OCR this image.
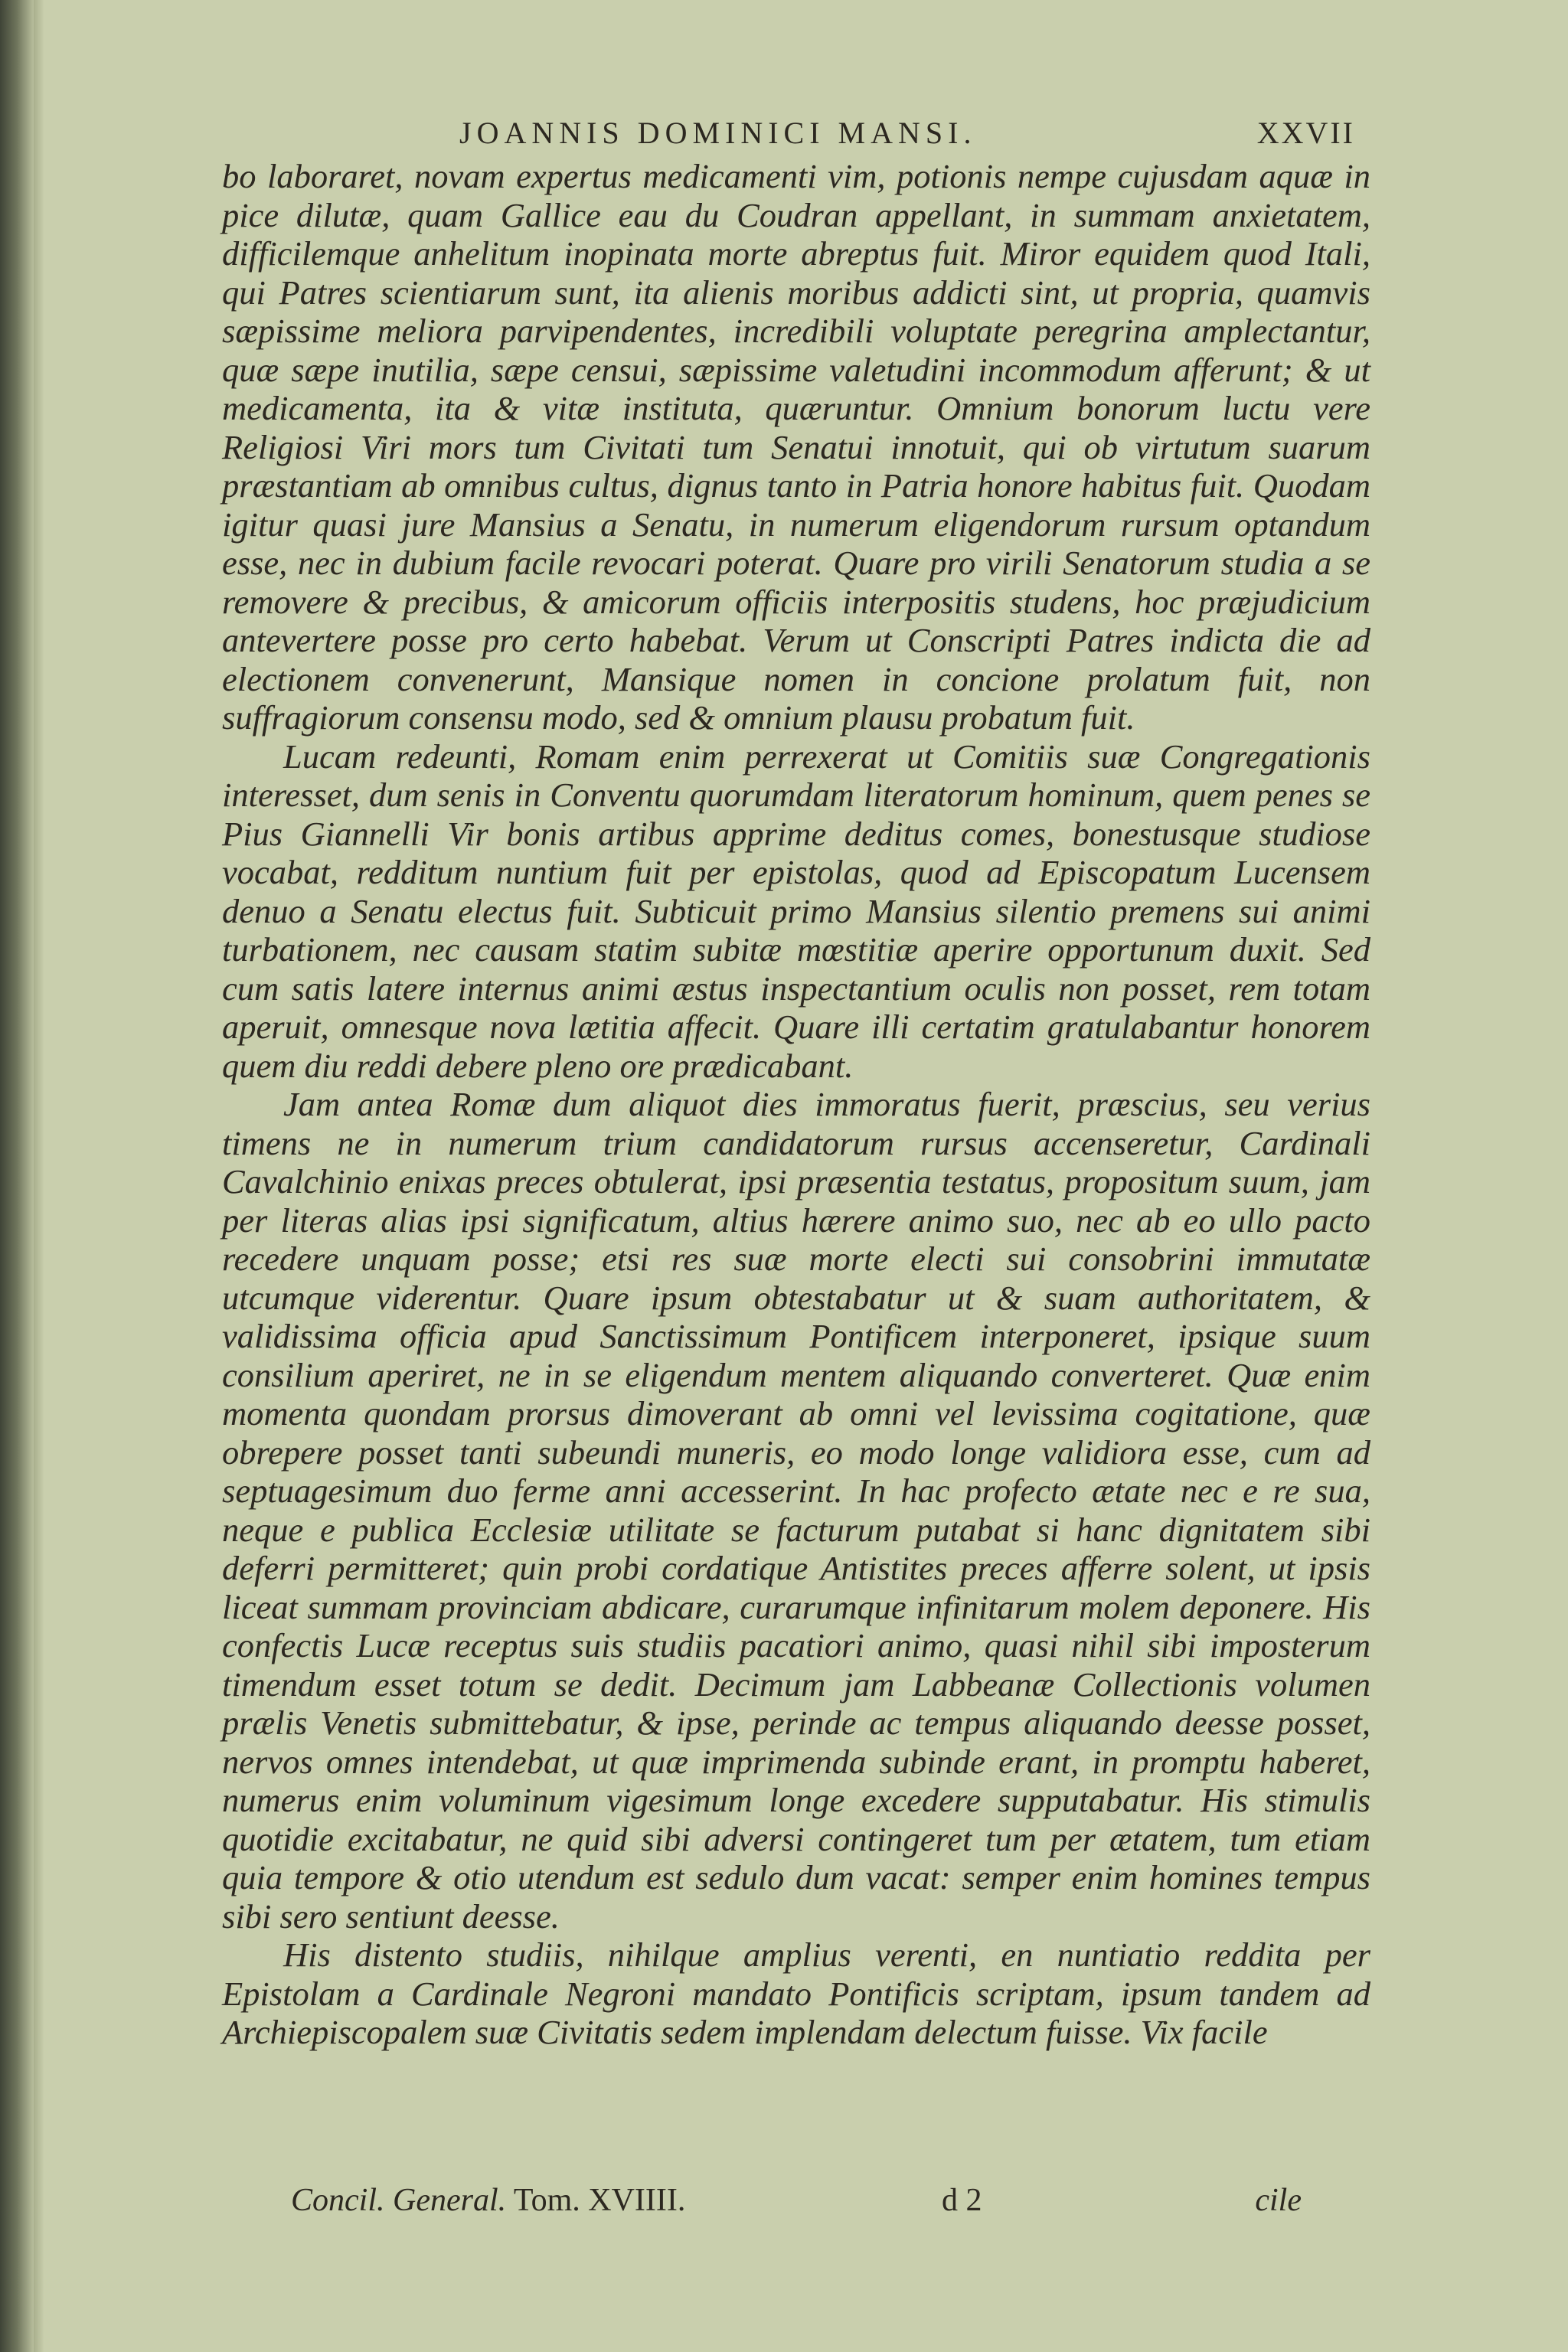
JOANNIS DOMINICI MANSI.	XXVII

bo laboraret, novam expertus medicamenti vim, potionis nempe cujusdam aquæ in pice dilutæ, quam Gallice eau du Coudran appellant, in summam anxietatem, difficilemque anhelitum inopinata morte abreptus fuit. Miror equidem quod Itali, qui Patres scientiarum sunt, ita alienis moribus addicti sint, ut propria, quamvis sæpissime meliora parvipendentes, incredibili voluptate peregrina amplectantur, quæ sæpe inutilia, sæpe censui, sæpissime valetudini incommodum afferunt; & ut medicamenta, ita & vitæ instituta, quæruntur. Omnium bonorum luctu vere Religiosi Viri mors tum Civitati tum Senatui innotuit, qui ob virtutum suarum præstantiam ab omnibus cultus, dignus tanto in Patria honore habitus fuit. Quodam igitur quasi jure Mansius a Senatu, in numerum eligendorum rursum optandum esse, nec in dubium facile revocari poterat. Quare pro virili Senatorum studia a se removere & precibus, & amicorum officiis interpositis studens, hoc præjudicium antevertere posse pro certo habebat. Verum ut Conscripti Patres indicta die ad electionem convenerunt, Mansique nomen in concione prolatum fuit, non suffragiorum consensu modo, sed & omnium plausu probatum fuit.

Lucam redeunti, Romam enim perrexerat ut Comitiis suæ Congregationis interesset, dum senis in Conventu quorumdam literatorum hominum, quem penes se Pius Giannelli Vir bonis artibus apprime deditus comes, bonestusque studiose vocabat, redditum nuntium fuit per epistolas, quod ad Episcopatum Lucensem denuo a Senatu electus fuit. Subticuit primo Mansius silentio premens sui animi turbationem, nec causam statim subitæ mœstitiæ aperire opportunum duxit. Sed cum satis latere internus animi æstus inspectantium oculis non posset, rem totam aperuit, omnesque nova lætitia affecit. Quare illi certatim gratulabantur honorem quem diu reddi debere pleno ore prædicabant.

Jam antea Romæ dum aliquot dies immoratus fuerit, præscius, seu verius timens ne in numerum trium candidatorum rursus accenseretur, Cardinali Cavalchinio enixas preces obtulerat, ipsi præsentia testatus, propositum suum, jam per literas alias ipsi significatum, altius hærere animo suo, nec ab eo ullo pacto recedere unquam posse; etsi res suæ morte electi sui consobrini immutatæ utcumque viderentur. Quare ipsum obtestabatur ut & suam authoritatem, & validissima officia apud Sanctissimum Pontificem interponeret, ipsique suum consilium aperiret, ne in se eligendum mentem aliquando converteret. Quæ enim momenta quondam prorsus dimoverant ab omni vel levissima cogitatione, quæ obrepere posset tanti subeundi muneris, eo modo longe validiora esse, cum ad septuagesimum duo ferme anni accesserint. In hac profecto ætate nec e re sua, neque e publica Ecclesiæ utilitate se facturum putabat si hanc dignitatem sibi deferri permitteret; quin probi cordatique Antistites preces afferre solent, ut ipsis liceat summam provinciam abdicare, curarumque infinitarum molem deponere. His confectis Lucæ receptus suis studiis pacatiori animo, quasi nihil sibi imposterum timendum esset totum se dedit. Decimum jam Labbeanæ Collectionis volumen prælis Venetis submittebatur, & ipse, perinde ac tempus aliquando deesse posset, nervos omnes intendebat, ut quæ imprimenda subinde erant, in promptu haberet, numerus enim voluminum vigesimum longe excedere supputabatur. His stimulis quotidie excitabatur, ne quid sibi adversi contingeret tum per ætatem, tum etiam quia tempore & otio utendum est sedulo dum vacat: semper enim homines tempus sibi sero sentiunt deesse.

His distento studiis, nihilque amplius verenti, en nuntiatio reddita per Epistolam a Cardinale Negroni mandato Pontificis scriptam, ipsum tandem ad Archiepiscopalem suæ Civitatis sedem implendam delectum fuisse. Vix facile

Concil. General. Tom. XVIIII.	d 2	cile
